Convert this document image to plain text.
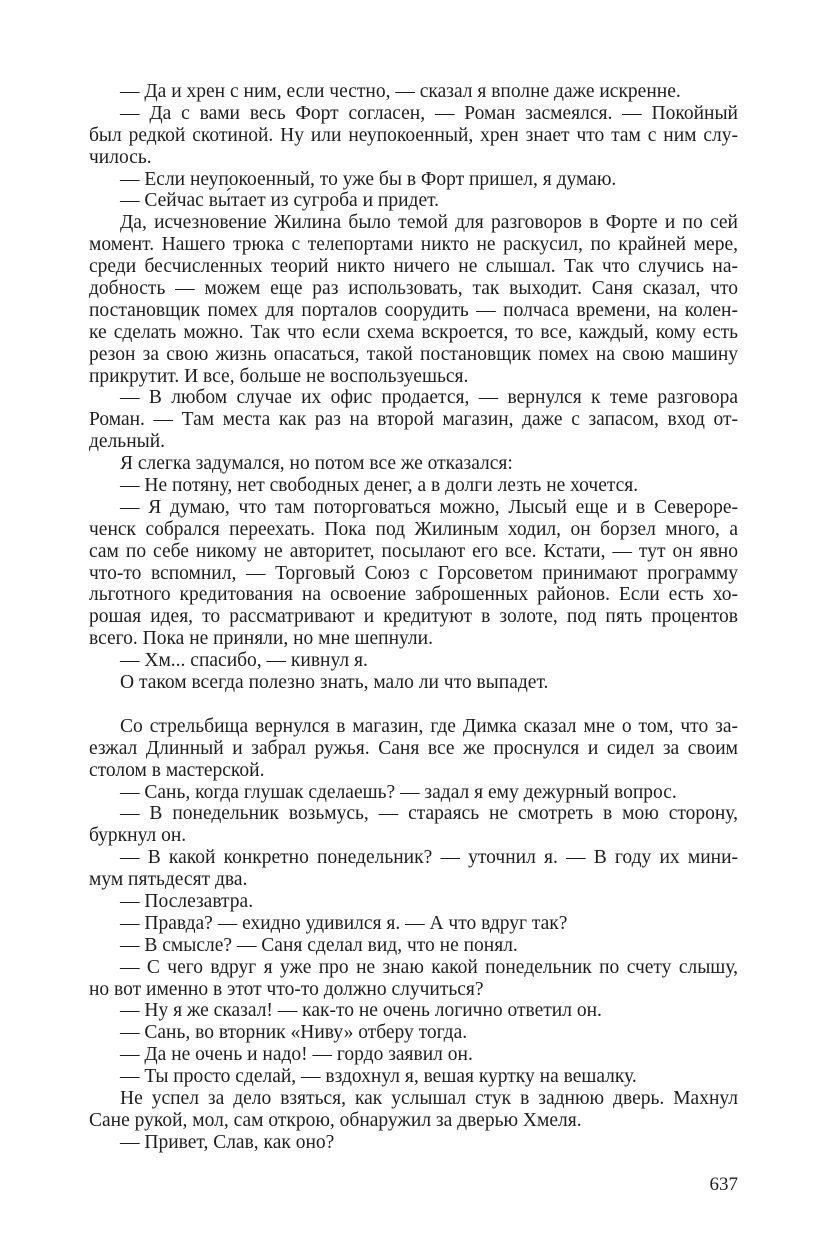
— Да и хрен с ним, если честно, — сказал я вполне даже искренне.
— Да с вами весь Форт согласен, — Роман засмеялся. — Покойный
был редкой скотиной. Ну или неупокоенный, хрен знает что там с ним слу-
чилось.
— Если неупокоенный, то уже бы в Форт пришел, я думаю.
— Сейчас вы́тает из сугроба и придет.
Да, исчезновение Жилина было темой для разговоров в Форте и по сей
момент. Нашего трюка с телепортами никто не раскусил, по крайней мере,
среди бесчисленных теорий никто ничего не слышал. Так что случись на-
добность — можем еще раз использовать, так выходит. Саня сказал, что
постановщик помех для порталов соорудить — полчаса времени, на колен-
ке сделать можно. Так что если схема вскроется, то все, каждый, кому есть
резон за свою жизнь опасаться, такой постановщик помех на свою машину
прикрутит. И все, больше не воспользуешься.
— В любом случае их офис продается, — вернулся к теме разговора
Роман. — Там места как раз на второй магазин, даже с запасом, вход от-
дельный.
Я слегка задумался, но потом все же отказался:
— Не потяну, нет свободных денег, а в долги лезть не хочется.
— Я думаю, что там поторговаться можно, Лысый еще и в Североре-
ченск собрался переехать. Пока под Жилиным ходил, он борзел много, а
сам по себе никому не авторитет, посылают его все. Кстати, — тут он явно
что-то вспомнил, — Торговый Союз с Горсоветом принимают программу
льготного кредитования на освоение заброшенных районов. Если есть хо-
рошая идея, то рассматривают и кредитуют в золоте, под пять процентов
всего. Пока не приняли, но мне шепнули.
— Хм... спасибо, — кивнул я.
О таком всегда полезно знать, мало ли что выпадет.
Со стрельбища вернулся в магазин, где Димка сказал мне о том, что за-
езжал Длинный и забрал ружья. Саня все же проснулся и сидел за своим
столом в мастерской.
— Сань, когда глушак сделаешь? — задал я ему дежурный вопрос.
— В понедельник возьмусь, — стараясь не смотреть в мою сторону,
буркнул он.
— В какой конкретно понедельник? — уточнил я. — В году их мини-
мум пятьдесят два.
— Послезавтра.
— Правда? — ехидно удивился я. — А что вдруг так?
— В смысле? — Саня сделал вид, что не понял.
— С чего вдруг я уже про не знаю какой понедельник по счету слышу,
но вот именно в этот что-то должно случиться?
— Ну я же сказал! — как-то не очень логично ответил он.
— Сань, во вторник «Ниву» отберу тогда.
— Да не очень и надо! — гордо заявил он.
— Ты просто сделай, — вздохнул я, вешая куртку на вешалку.
Не успел за дело взяться, как услышал стук в заднюю дверь. Махнул
Сане рукой, мол, сам открою, обнаружил за дверью Хмеля.
— Привет, Слав, как оно?
637
